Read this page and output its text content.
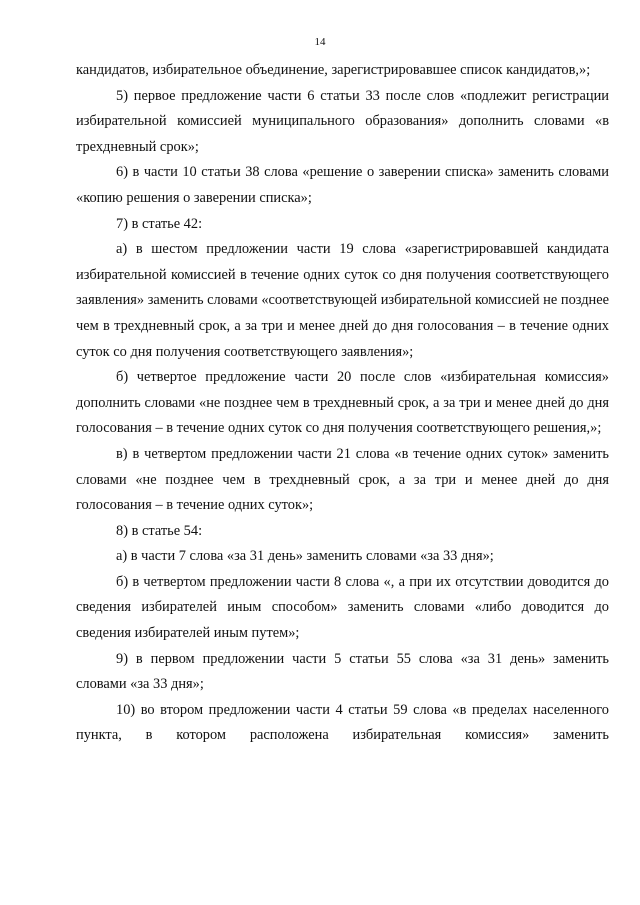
14

кандидатов, избирательное объединение, зарегистрировавшее список кандидатов,»;

5) первое предложение части 6 статьи 33 после слов «подлежит регистрации избирательной комиссией муниципального образования» дополнить словами «в трехдневный срок»;

6) в части 10 статьи 38 слова «решение о заверении списка» заменить словами «копию решения о заверении списка»;

7) в статье 42:

а) в шестом предложении части 19 слова «зарегистрировавшей кандидата избирательной комиссией в течение одних суток со дня получения соответствующего заявления» заменить словами «соответствующей избирательной комиссией не позднее чем в трехдневный срок, а за три и менее дней до дня голосования – в течение одних суток со дня получения соответствующего заявления»;

б) четвертое предложение части 20 после слов «избирательная комиссия» дополнить словами «не позднее чем в трехдневный срок, а за три и менее дней до дня голосования – в течение одних суток со дня получения соответствующего решения,»;

в) в четвертом предложении части 21 слова «в течение одних суток» заменить словами «не позднее чем в трехдневный срок, а за три и менее дней до дня голосования – в течение одних суток»;

8) в статье 54:

а) в части 7 слова «за 31 день» заменить словами «за 33 дня»;

б) в четвертом предложении части 8 слова «, а при их отсутствии доводится до сведения избирателей иным способом» заменить словами «либо доводится до сведения избирателей иным путем»;

9) в первом предложении части 5 статьи 55 слова «за 31 день» заменить словами «за 33 дня»;

10) во втором предложении части 4 статьи 59 слова «в пределах населенного пункта, в котором расположена избирательная комиссия» заменить
